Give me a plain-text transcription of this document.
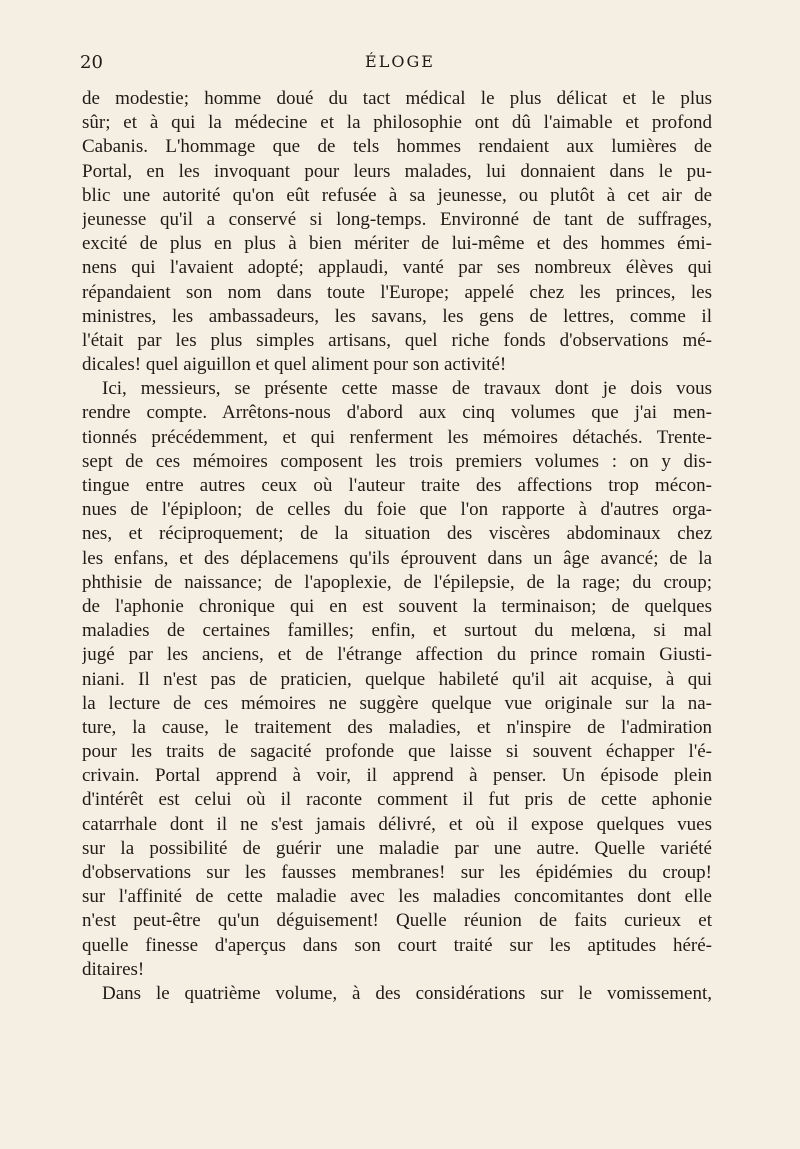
20	ÉLOGE
de modestie; homme doué du tact médical le plus délicat et le plus
sûr; et à qui la médecine et la philosophie ont dû l'aimable et profond
Cabanis. L'hommage que de tels hommes rendaient aux lumières de
Portal, en les invoquant pour leurs malades, lui donnaient dans le pu-
blic une autorité qu'on eût refusée à sa jeunesse, ou plutôt à cet air de
jeunesse qu'il a conservé si long-temps. Environné de tant de suffrages,
excité de plus en plus à bien mériter de lui-même et des hommes émi-
nens qui l'avaient adopté; applaudi, vanté par ses nombreux élèves qui
répandaient son nom dans toute l'Europe; appelé chez les princes, les
ministres, les ambassadeurs, les savans, les gens de lettres, comme il
l'était par les plus simples artisans, quel riche fonds d'observations mé-
dicales! quel aiguillon et quel aliment pour son activité!
Ici, messieurs, se présente cette masse de travaux dont je dois vous
rendre compte. Arrêtons-nous d'abord aux cinq volumes que j'ai men-
tionnés précédemment, et qui renferment les mémoires détachés. Trente-
sept de ces mémoires composent les trois premiers volumes : on y dis-
tingue entre autres ceux où l'auteur traite des affections trop mécon-
nues de l'épiploon; de celles du foie que l'on rapporte à d'autres orga-
nes, et réciproquement; de la situation des viscères abdominaux chez
les enfans, et des déplacemens qu'ils éprouvent dans un âge avancé; de la
phthisie de naissance; de l'apoplexie, de l'épilepsie, de la rage; du croup;
de l'aphonie chronique qui en est souvent la terminaison; de quelques
maladies de certaines familles; enfin, et surtout du melœna, si mal
jugé par les anciens, et de l'étrange affection du prince romain Giusti-
niani. Il n'est pas de praticien, quelque habileté qu'il ait acquise, à qui
la lecture de ces mémoires ne suggère quelque vue originale sur la na-
ture, la cause, le traitement des maladies, et n'inspire de l'admiration
pour les traits de sagacité profonde que laisse si souvent échapper l'é-
crivain. Portal apprend à voir, il apprend à penser. Un épisode plein
d'intérêt est celui où il raconte comment il fut pris de cette aphonie
catarrhale dont il ne s'est jamais délivré, et où il expose quelques vues
sur la possibilité de guérir une maladie par une autre. Quelle variété
d'observations sur les fausses membranes! sur les épidémies du croup!
sur l'affinité de cette maladie avec les maladies concomitantes dont elle
n'est peut-être qu'un déguisement! Quelle réunion de faits curieux et
quelle finesse d'aperçus dans son court traité sur les aptitudes héré-
ditaires!
Dans le quatrième volume, à des considérations sur le vomissement,
